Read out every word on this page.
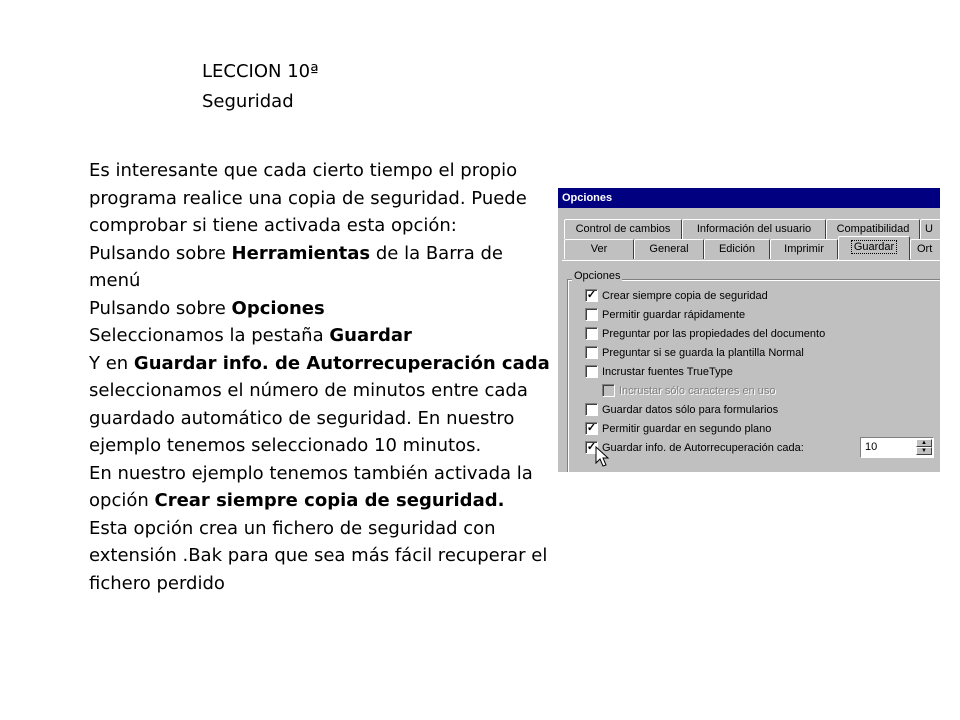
LECCION 10ª
Seguridad

Es interesante que cada cierto tiempo el propio programa realice una copia de seguridad. Puede comprobar si tiene activada esta opción:

Pulsando sobre Herramientas de la Barra de menú

Pulsando sobre Opciones

Seleccionamos la pestaña Guardar

Y en Guardar info. de Autorrecuperación cada seleccionamos el número de minutos entre cada guardado automático de seguridad. En nuestro ejemplo tenemos seleccionado 10 minutos.

En nuestro ejemplo tenemos también activada la opción Crear siempre copia de seguridad.

Esta opción crea un fichero de seguridad con extensión .Bak para que sea más fácil recuperar el fichero perdido

Opciones
Control de cambios	Información del usuario	Compatibilidad	U
Ver	General	Edición	Imprimir	Guardar	Ort
Opciones
✓ Crear siempre copia de seguridad
Permitir guardar rápidamente
Preguntar por las propiedades del documento
Preguntar si se guarda la plantilla Normal
Incrustar fuentes TrueType
Incrustar sólo caracteres en uso
Guardar datos sólo para formularios
✓ Permitir guardar en segundo plano
✓ Guardar info. de Autorrecuperación cada:	10	▲
▼
